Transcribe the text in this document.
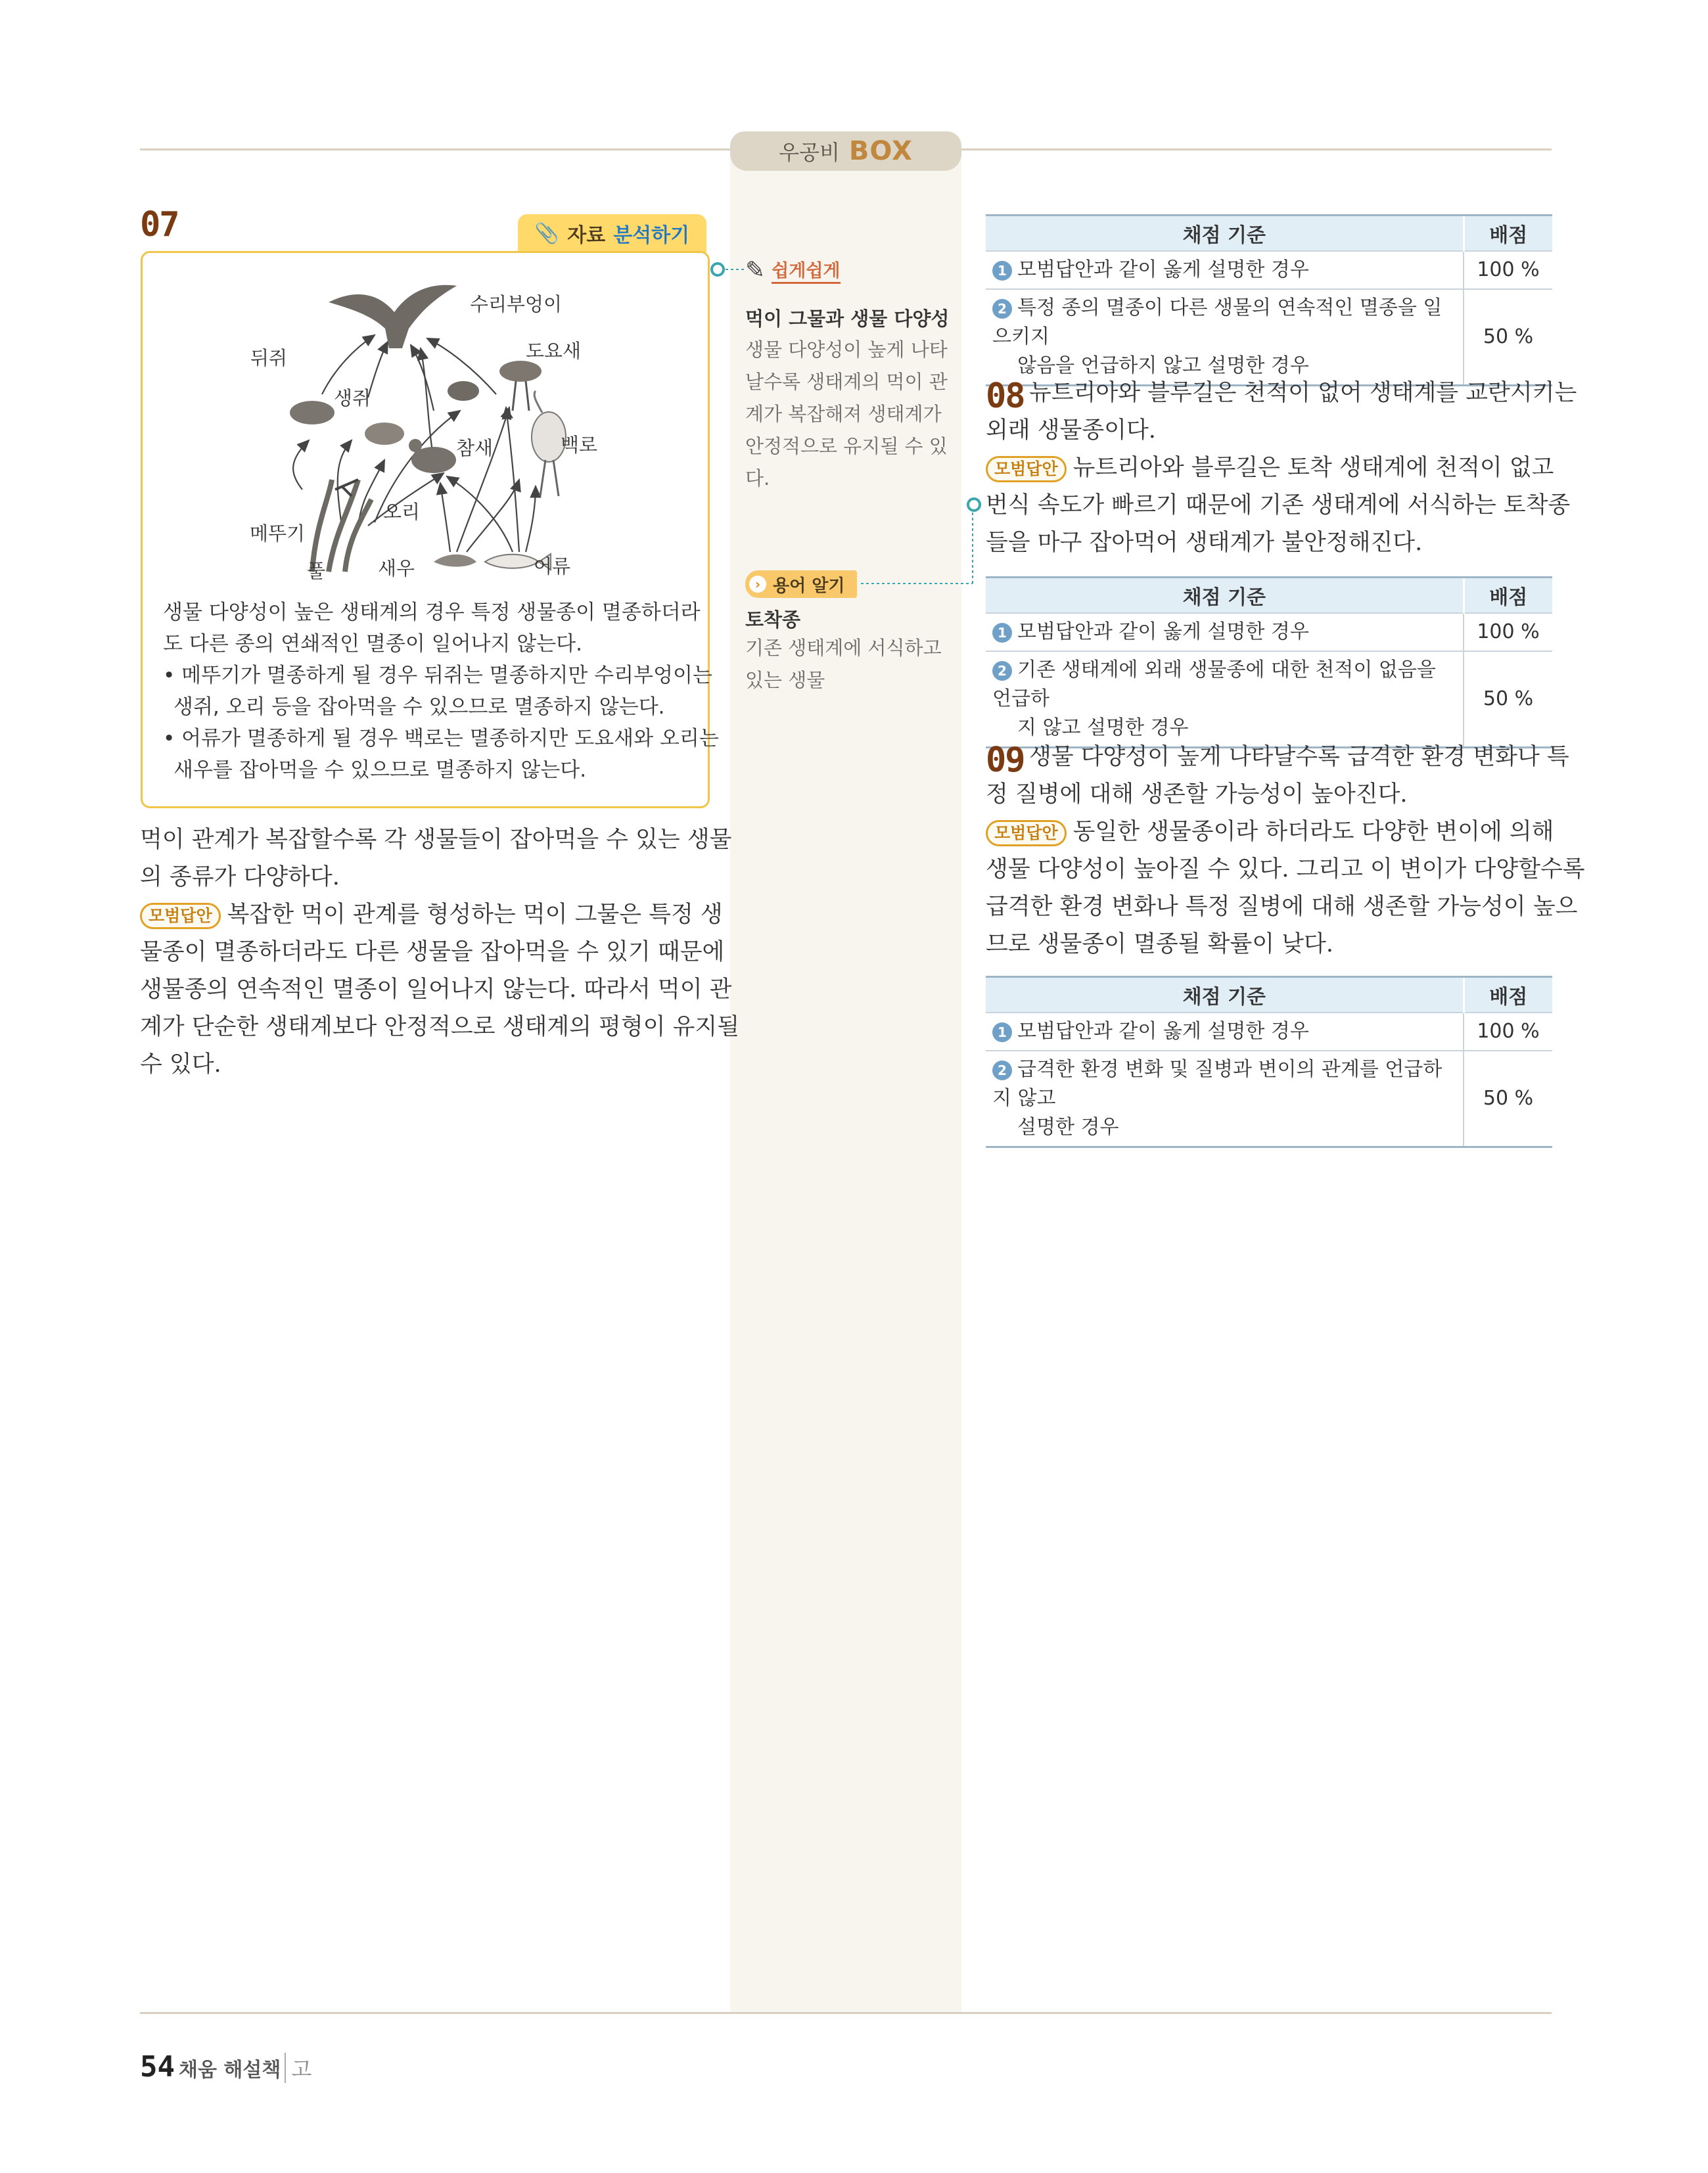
우공비 BOX
07	📎 자료 분석하기
수리부엉이
뒤쥐	도요새
생쥐
참새	백로
오리
메뚜기
풀	새우	어류
생물 다양성이 높은 생태계의 경우 특정 생물종이 멸종하더라
도 다른 종의 연쇄적인 멸종이 일어나지 않는다.
• 메뚜기가 멸종하게 될 경우 뒤쥐는 멸종하지만 수리부엉이는
생쥐, 오리 등을 잡아먹을 수 있으므로 멸종하지 않는다.
• 어류가 멸종하게 될 경우 백로는 멸종하지만 도요새와 오리는
새우를 잡아먹을 수 있으므로 멸종하지 않는다.
먹이 관계가 복잡할수록 각 생물들이 잡아먹을 수 있는 생물
의 종류가 다양하다.
모범답안 복잡한 먹이 관계를 형성하는 먹이 그물은 특정 생
물종이 멸종하더라도 다른 생물을 잡아먹을 수 있기 때문에
생물종의 연속적인 멸종이 일어나지 않는다. 따라서 먹이 관
계가 단순한 생태계보다 안정적으로 생태계의 평형이 유지될
수 있다.
✎ 쉽게쉽게
먹이 그물과 생물 다양성
생물 다양성이 높게 나타
날수록 생태계의 먹이 관
계가 복잡해져 생태계가
안정적으로 유지될 수 있
다.
› 용어 알기
토착종
기존 생태계에 서식하고
있는 생물
채점 기준	배점
1 모범답안과 같이 옳게 설명한 경우	100 %
2 특정 종의 멸종이 다른 생물의 연속적인 멸종을 일으키지
않음을 언급하지 않고 설명한 경우	50 %
08 뉴트리아와 블루길은 천적이 없어 생태계를 교란시키는
외래 생물종이다.
모범답안 뉴트리아와 블루길은 토착 생태계에 천적이 없고
번식 속도가 빠르기 때문에 기존 생태계에 서식하는 토착종
들을 마구 잡아먹어 생태계가 불안정해진다.
채점 기준	배점
1 모범답안과 같이 옳게 설명한 경우	100 %
2 기존 생태계에 외래 생물종에 대한 천적이 없음을 언급하
지 않고 설명한 경우	50 %
09 생물 다양성이 높게 나타날수록 급격한 환경 변화나 특
정 질병에 대해 생존할 가능성이 높아진다.
모범답안 동일한 생물종이라 하더라도 다양한 변이에 의해
생물 다양성이 높아질 수 있다. 그리고 이 변이가 다양할수록
급격한 환경 변화나 특정 질병에 대해 생존할 가능성이 높으
므로 생물종이 멸종될 확률이 낮다.
채점 기준	배점
1 모범답안과 같이 옳게 설명한 경우	100 %
2 급격한 환경 변화 및 질병과 변이의 관계를 언급하지 않고
설명한 경우	50 %
54 채움 해설책 고
